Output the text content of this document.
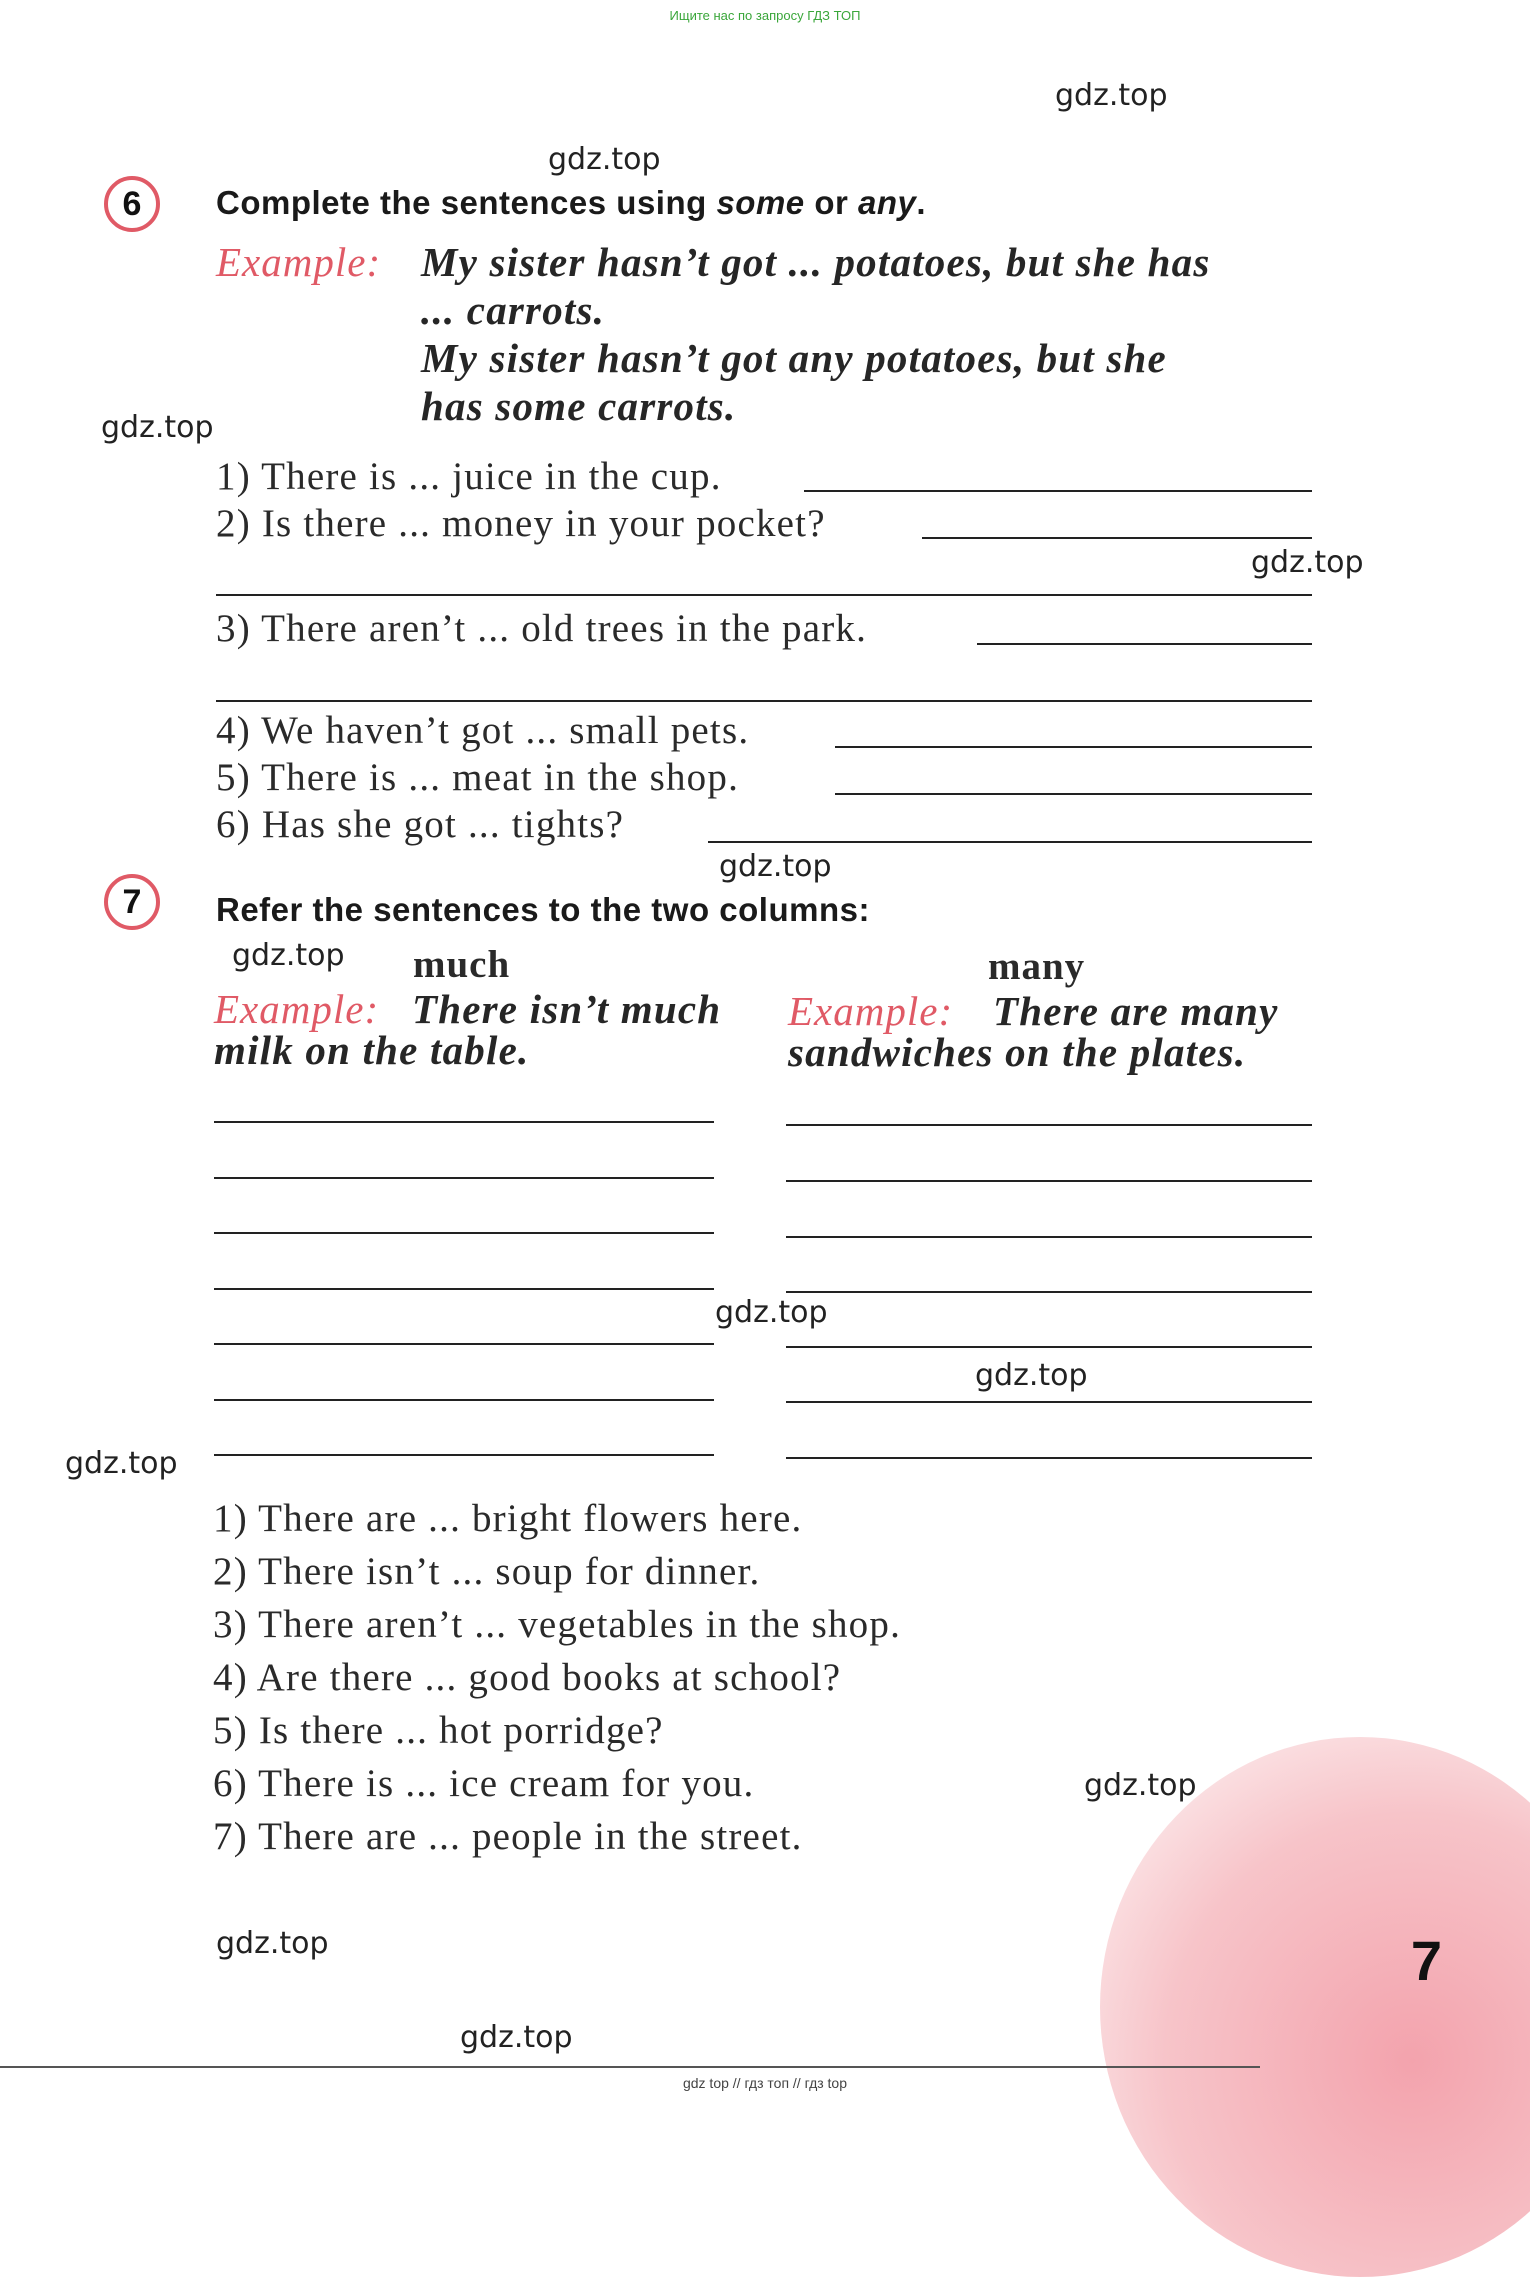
Ищите нас по запросу ГДЗ ТОП
gdz.top
gdz.top
gdz.top
gdz.top
gdz.top
gdz.top
gdz.top
gdz.top
gdz.top
gdz.top
gdz.top
gdz.top
6	Complete the sentences using some or any.
Example: My sister hasn’t got ... potatoes, but she has
... carrots.
My sister hasn’t got any potatoes, but she
has some carrots.
1) There is ... juice in the cup.
2) Is there ... money in your pocket?
3) There aren’t ... old trees in the park.
4) We haven’t got ... small pets.
5) There is ... meat in the shop.
6) Has she got ... tights?
7	Refer the sentences to the two columns:
much	many
Example: There isn’t much
milk on the table.
Example: There are many
sandwiches on the plates.
1) There are ... bright flowers here.
2) There isn’t ... soup for dinner.
3) There aren’t ... vegetables in the shop.
4) Are there ... good books at school?
5) Is there ... hot porridge?
6) There is ... ice cream for you.
7) There are ... people in the street.
7
gdz top // гдз топ // гдз top
